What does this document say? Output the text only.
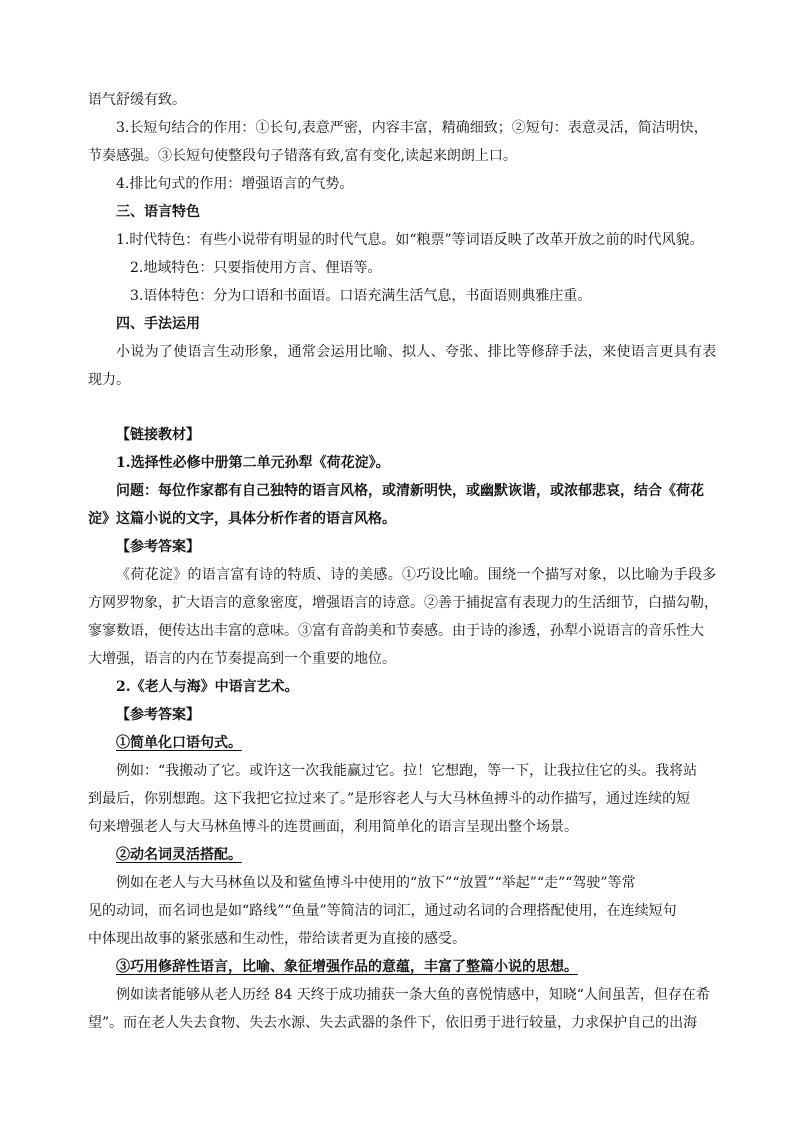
语气舒缓有致。
3.长短句结合的作用：①长句,表意严密，内容丰富，精确细致；②短句：表意灵活，简洁明快，
节奏感强。③长短句使整段句子错落有致,富有变化,读起来朗朗上口。
4.排比句式的作用：增强语言的气势。
三、语言特色
1.时代特色：有些小说带有明显的时代气息。如“粮票”等词语反映了改革开放之前的时代风貌。
2.地域特色：只要指使用方言、俚语等。
3.语体特色：分为口语和书面语。口语充满生活气息，书面语则典雅庄重。
四、手法运用
小说为了使语言生动形象，通常会运用比喻、拟人、夸张、排比等修辞手法，来使语言更具有表
现力。
【链接教材】
1.选择性必修中册第二单元孙犁《荷花淀》。
问题：每位作家都有自己独特的语言风格，或清新明快，或幽默诙谐，或浓郁悲哀，结合《荷花
淀》这篇小说的文字，具体分析作者的语言风格。
【参考答案】
《荷花淀》的语言富有诗的特质、诗的美感。①巧设比喻。围绕一个描写对象，以比喻为手段多
方网罗物象，扩大语言的意象密度，增强语言的诗意。②善于捕捉富有表现力的生活细节，白描勾勒，
寥寥数语，便传达出丰富的意味。③富有音韵美和节奏感。由于诗的渗透，孙犁小说语言的音乐性大
大增强，语言的内在节奏提高到一个重要的地位。
2.《老人与海》中语言艺术。
【参考答案】
①简单化口语句式。
例如：“我搬动了它。或许这一次我能赢过它。拉！它想跑，等一下，让我拉住它的头。我将站
到最后，你别想跑。这下我把它拉过来了。”是形容老人与大马林鱼搏斗的动作描写，通过连续的短
句来增强老人与大马林鱼博斗的连贯画面，利用简单化的语言呈现出整个场景。
②动名词灵活搭配。
例如在老人与大马林鱼以及和鲨鱼博斗中使用的“放下”“放置”“举起”“走”“驾驶”等常
见的动词，而名词也是如“路线”“鱼量”等简洁的词汇，通过动名词的合理搭配使用，在连续短句
中体现出故事的紧张感和生动性，带给读者更为直接的感受。
③巧用修辞性语言，比喻、象征增强作品的意蕴，丰富了整篇小说的思想。
例如读者能够从老人历经 84 天终于成功捕获一条大鱼的喜悦情感中，知晓“人间虽苦，但存在希
望”。而在老人失去食物、失去水源、失去武器的条件下，依旧勇于进行较量，力求保护自己的出海
